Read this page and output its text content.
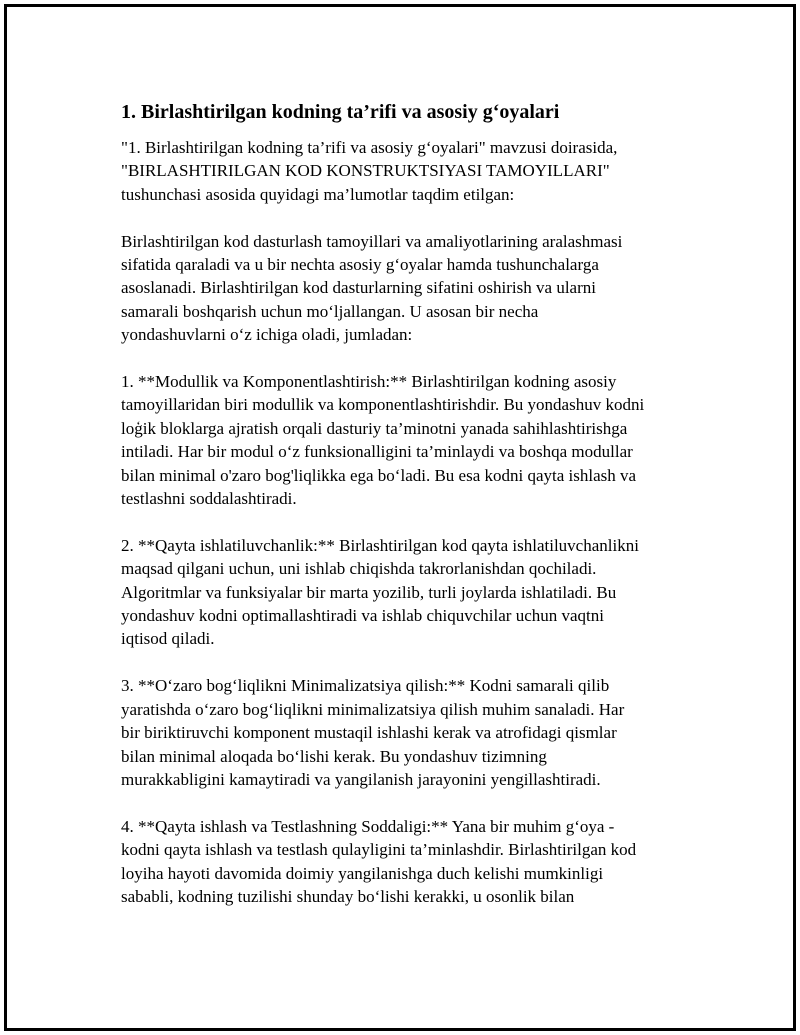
1. Birlashtirilgan kodning ta’rifi va asosiy g‘oyalari
"1. Birlashtirilgan kodning ta’rifi va asosiy g‘oyalari" mavzusi doirasida,
"BIRLASHTIRILGAN KOD KONSTRUKTSIYASI TAMOYILLARI"
tushunchasi asosida quyidagi ma’lumotlar taqdim etilgan:
Birlashtirilgan kod dasturlash tamoyillari va amaliyotlarining aralashmasi
sifatida qaraladi va u bir nechta asosiy g‘oyalar hamda tushunchalarga
asoslanadi. Birlashtirilgan kod dasturlarning sifatini oshirish va ularni
samarali boshqarish uchun mo‘ljallangan. U asosan bir necha
yondashuvlarni o‘z ichiga oladi, jumladan:
1. **Modullik va Komponentlashtirish:** Birlashtirilgan kodning asosiy
tamoyillaridan biri modullik va komponentlashtirishdir. Bu yondashuv kodni
loģik bloklarga ajratish orqali dasturiy ta’minotni yanada sahihlashtirishga
intiladi. Har bir modul o‘z funksionalligini ta’minlaydi va boshqa modullar
bilan minimal o'zaro bog'liqlikka ega bo‘ladi. Bu esa kodni qayta ishlash va
testlashni soddalashtiradi.
2. **Qayta ishlatiluvchanlik:** Birlashtirilgan kod qayta ishlatiluvchanlikni
maqsad qilgani uchun, uni ishlab chiqishda takrorlanishdan qochiladi.
Algoritmlar va funksiyalar bir marta yozilib, turli joylarda ishlatiladi. Bu
yondashuv kodni optimallashtiradi va ishlab chiquvchilar uchun vaqtni
iqtisod qiladi.
3. **O‘zaro bog‘liqlikni Minimalizatsiya qilish:** Kodni samarali qilib
yaratishda o‘zaro bog‘liqlikni minimalizatsiya qilish muhim sanaladi. Har
bir biriktiruvchi komponent mustaqil ishlashi kerak va atrofidagi qismlar
bilan minimal aloqada bo‘lishi kerak. Bu yondashuv tizimning
murakkabligini kamaytiradi va yangilanish jarayonini yengillashtiradi.
4. **Qayta ishlash va Testlashning Soddaligi:** Yana bir muhim g‘oya -
kodni qayta ishlash va testlash qulayligini ta’minlashdir. Birlashtirilgan kod
loyiha hayoti davomida doimiy yangilanishga duch kelishi mumkinligi
sababli, kodning tuzilishi shunday bo‘lishi kerakki, u osonlik bilan
